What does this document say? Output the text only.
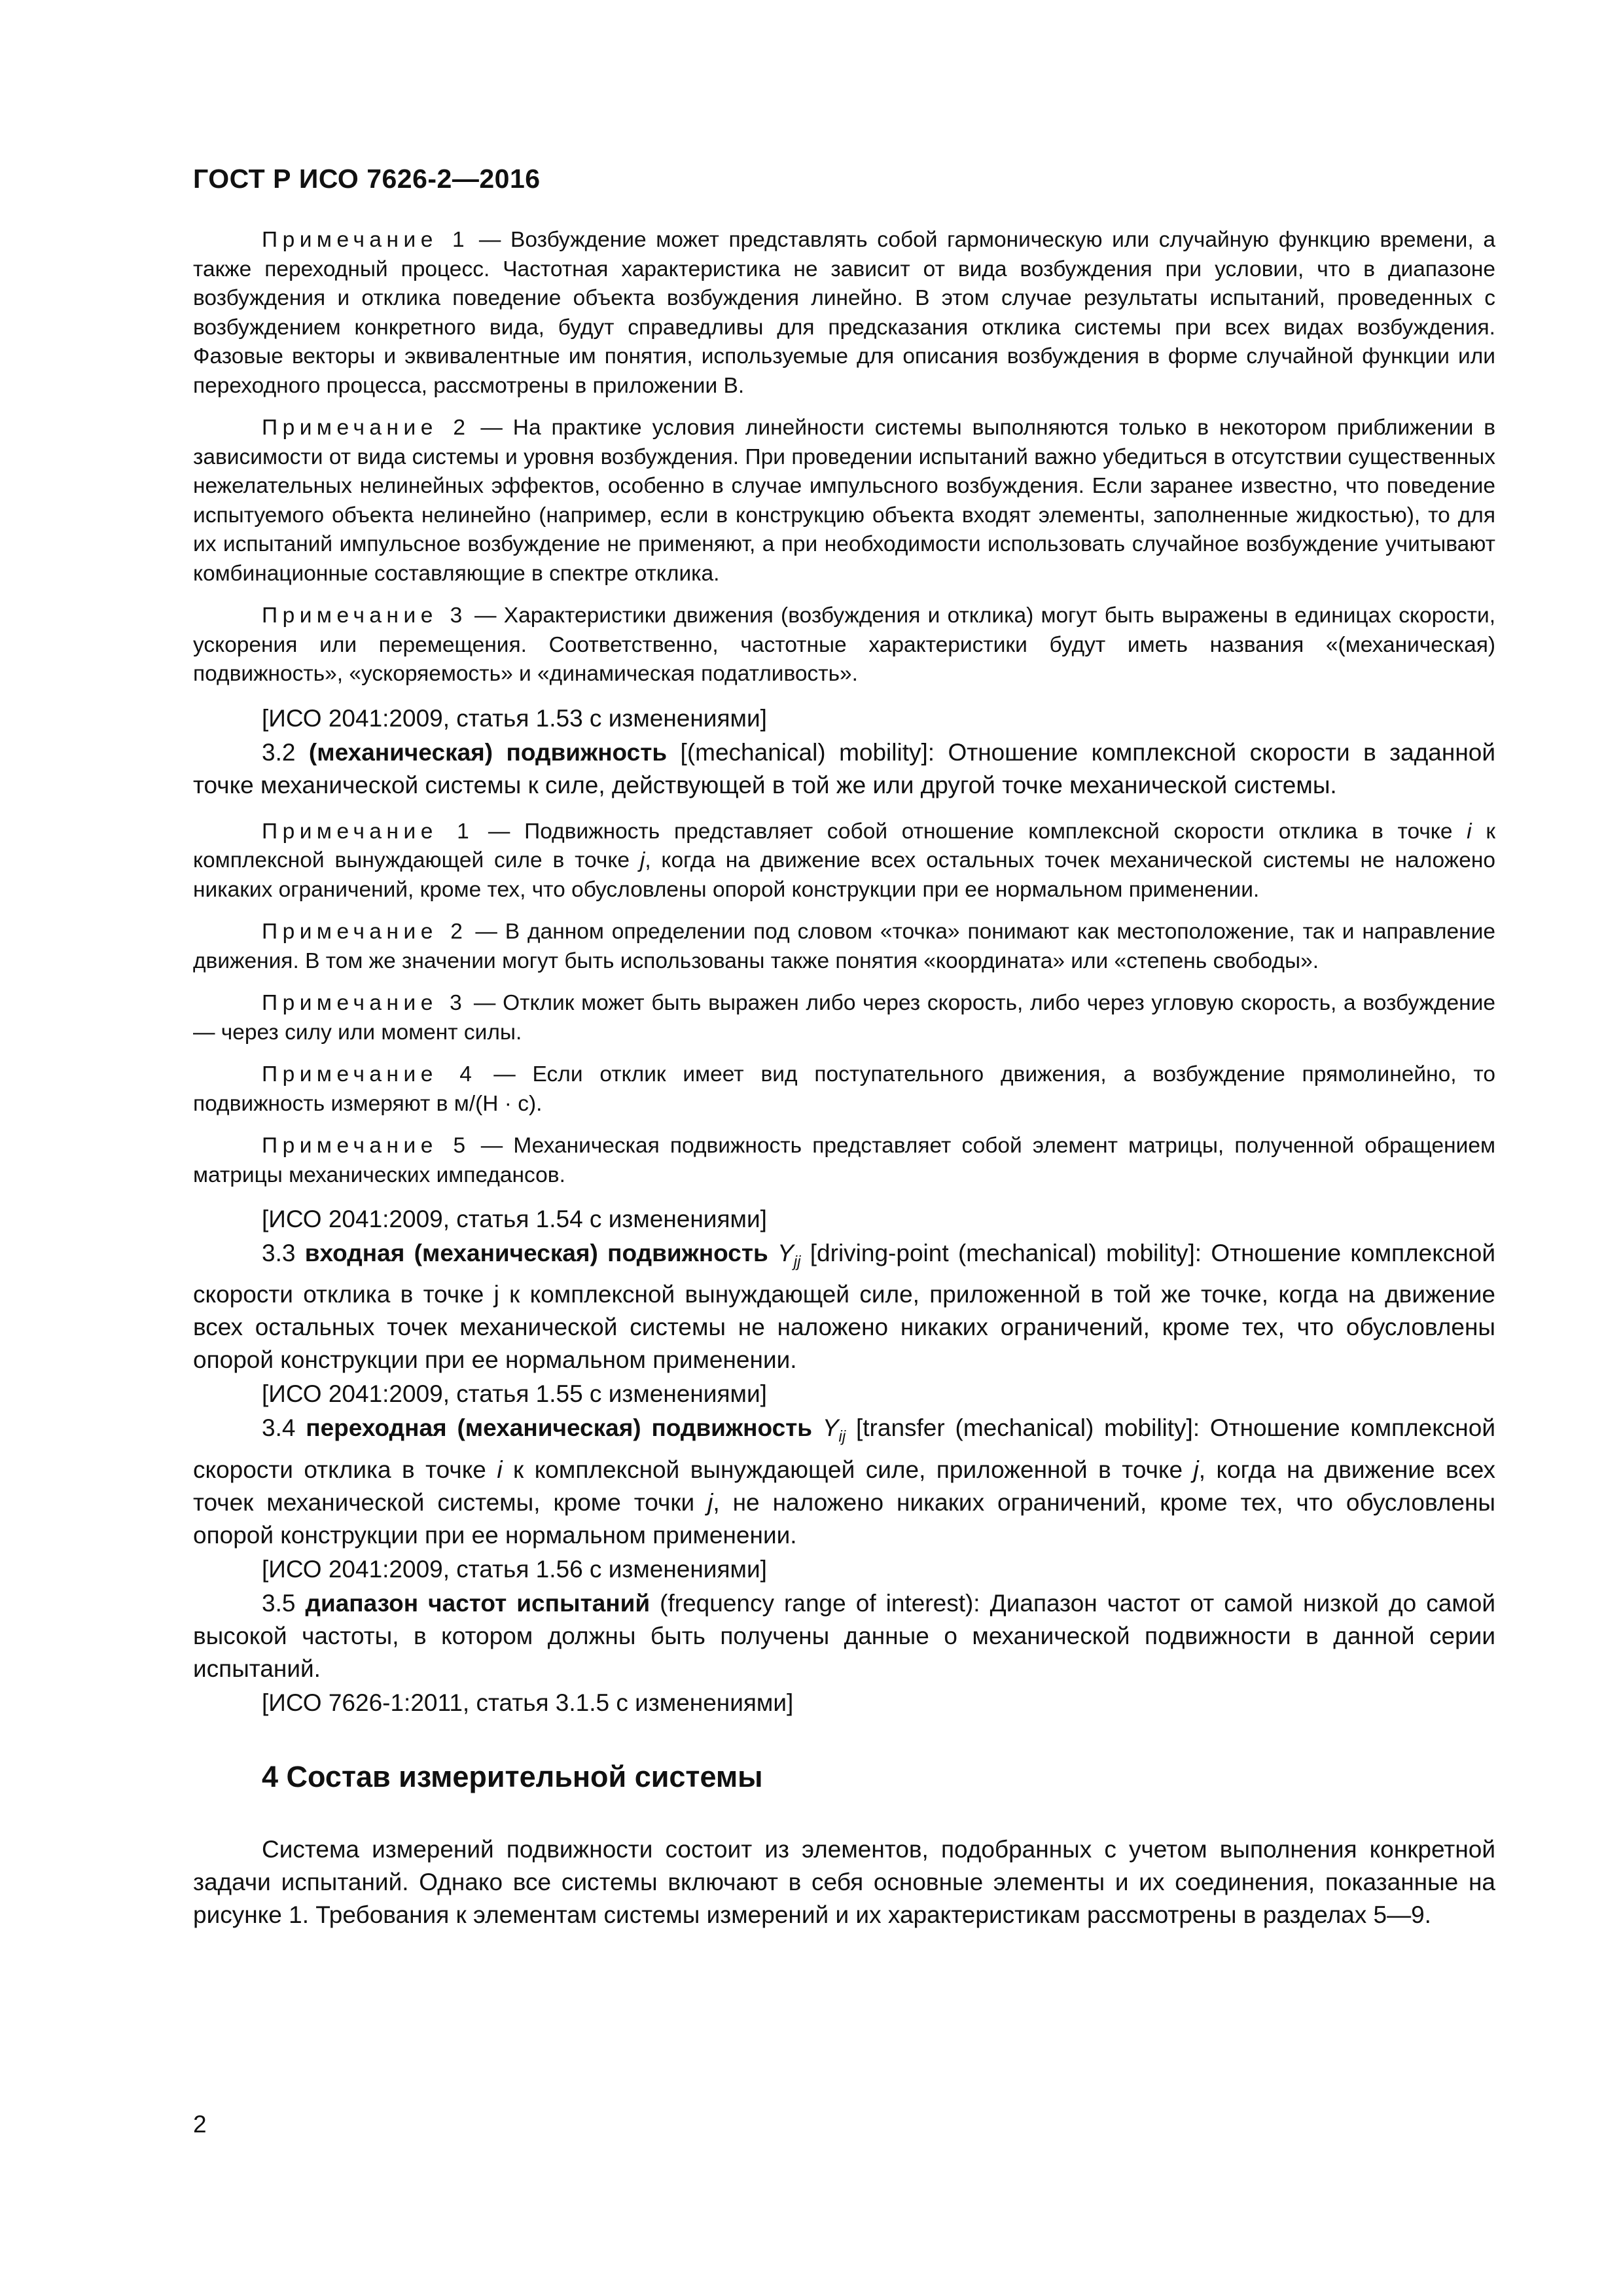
ГОСТ Р ИСО 7626-2—2016

Примечание 1 — Возбуждение может представлять собой гармоническую или случайную функцию времени, а также переходный процесс. Частотная характеристика не зависит от вида возбуждения при условии, что в диапазоне возбуждения и отклика поведение объекта возбуждения линейно. В этом случае результаты испытаний, проведенных с возбуждением конкретного вида, будут справедливы для предсказания отклика системы при всех видах возбуждения. Фазовые векторы и эквивалентные им понятия, используемые для описания возбуждения в форме случайной функции или переходного процесса, рассмотрены в приложении В.

Примечание 2 — На практике условия линейности системы выполняются только в некотором приближении в зависимости от вида системы и уровня возбуждения. При проведении испытаний важно убедиться в отсутствии существенных нежелательных нелинейных эффектов, особенно в случае импульсного возбуждения. Если заранее известно, что поведение испытуемого объекта нелинейно (например, если в конструкцию объекта входят элементы, заполненные жидкостью), то для их испытаний импульсное возбуждение не применяют, а при необходимости использовать случайное возбуждение учитывают комбинационные составляющие в спектре отклика.

Примечание 3 — Характеристики движения (возбуждения и отклика) могут быть выражены в единицах скорости, ускорения или перемещения. Соответственно, частотные характеристики будут иметь названия «(механическая) подвижность», «ускоряемость» и «динамическая податливость».

[ИСО 2041:2009, статья 1.53 с изменениями]

3.2 (механическая) подвижность [(mechanical) mobility]: Отношение комплексной скорости в заданной точке механической системы к силе, действующей в той же или другой точке механической системы.

Примечание 1 — Подвижность представляет собой отношение комплексной скорости отклика в точке i к комплексной вынуждающей силе в точке j, когда на движение всех остальных точек механической системы не наложено никаких ограничений, кроме тех, что обусловлены опорой конструкции при ее нормальном применении.

Примечание 2 — В данном определении под словом «точка» понимают как местоположение, так и направление движения. В том же значении могут быть использованы также понятия «координата» или «степень свободы».

Примечание 3 — Отклик может быть выражен либо через скорость, либо через угловую скорость, а возбуждение — через силу или момент силы.

Примечание 4 — Если отклик имеет вид поступательного движения, а возбуждение прямолинейно, то подвижность измеряют в м/(Н · с).

Примечание 5 — Механическая подвижность представляет собой элемент матрицы, полученной обращением матрицы механических импедансов.

[ИСО 2041:2009, статья 1.54 с изменениями]

3.3 входная (механическая) подвижность $Y_{jj}$ [driving-point (mechanical) mobility]: Отношение комплексной скорости отклика в точке j к комплексной вынуждающей силе, приложенной в той же точке, когда на движение всех остальных точек механической системы не наложено никаких ограничений, кроме тех, что обусловлены опорой конструкции при ее нормальном применении.

[ИСО 2041:2009, статья 1.55 с изменениями]

3.4 переходная (механическая) подвижность $Y_{ij}$ [transfer (mechanical) mobility]: Отношение комплексной скорости отклика в точке i к комплексной вынуждающей силе, приложенной в точке j, когда на движение всех точек механической системы, кроме точки j, не наложено никаких ограничений, кроме тех, что обусловлены опорой конструкции при ее нормальном применении.

[ИСО 2041:2009, статья 1.56 с изменениями]

3.5 диапазон частот испытаний (frequency range of interest): Диапазон частот от самой низкой до самой высокой частоты, в котором должны быть получены данные о механической подвижности в данной серии испытаний.

[ИСО 7626-1:2011, статья 3.1.5 с изменениями]

4 Состав измерительной системы

Система измерений подвижности состоит из элементов, подобранных с учетом выполнения конкретной задачи испытаний. Однако все системы включают в себя основные элементы и их соединения, показанные на рисунке 1. Требования к элементам системы измерений и их характеристикам рассмотрены в разделах 5—9.

2
